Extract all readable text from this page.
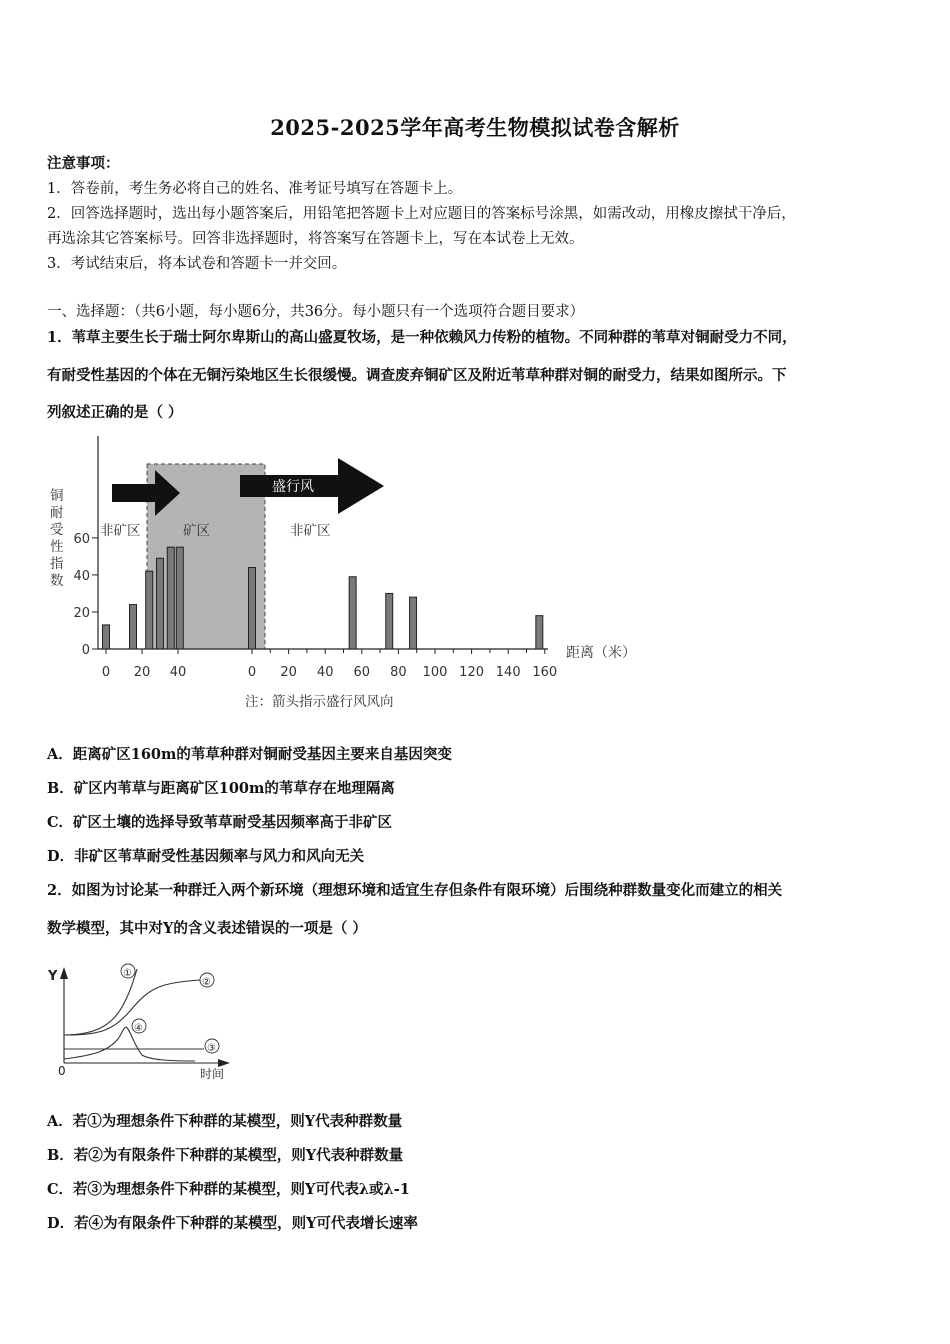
2025-2025学年高考生物模拟试卷含解析
注意事项：
1．答卷前，考生务必将自己的姓名、准考证号填写在答题卡上。
2．回答选择题时，选出每小题答案后，用铅笔把答题卡上对应题目的答案标号涂黑，如需改动，用橡皮擦拭干净后，
再选涂其它答案标号。回答非选择题时，将答案写在答题卡上，写在本试卷上无效。
3．考试结束后，将本试卷和答题卡一并交回。
一、选择题：（共6小题，每小题6分，共36分。每小题只有一个选项符合题目要求）
1．苇草主要生长于瑞士阿尔卑斯山的高山盛夏牧场，是一种依赖风力传粉的植物。不同种群的苇草对铜耐受力不同，
有耐受性基因的个体在无铜污染地区生长很缓慢。调查废弃铜矿区及附近苇草种群对铜的耐受力，结果如图所示。下
列叙述正确的是（ ）
0
20
40
60
0 20 40	0 20 40 60 80 100 120 140 160
盛行风
非矿区	矿区	非矿区
铜耐受性指数
距离（米）
注：箭头指示盛行风风向
A．距离矿区160m的苇草种群对铜耐受基因主要来自基因突变
B．矿区内苇草与距离矿区100m的苇草存在地理隔离
C．矿区土壤的选择导致苇草耐受基因频率高于非矿区
D．非矿区苇草耐受性基因频率与风力和风向无关
2．如图为讨论某一种群迁入两个新环境（理想环境和适宜生存但条件有限环境）后围绕种群数量变化而建立的相关
数学模型，其中对Y的含义表述错误的一项是（ ）
Y
0	时间
①
②
③
④
A．若①为理想条件下种群的某模型，则Y代表种群数量
B．若②为有限条件下种群的某模型，则Y代表种群数量
C．若③为理想条件下种群的某模型，则Y可代表λ或λ-1
D．若④为有限条件下种群的某模型，则Y可代表增长速率
